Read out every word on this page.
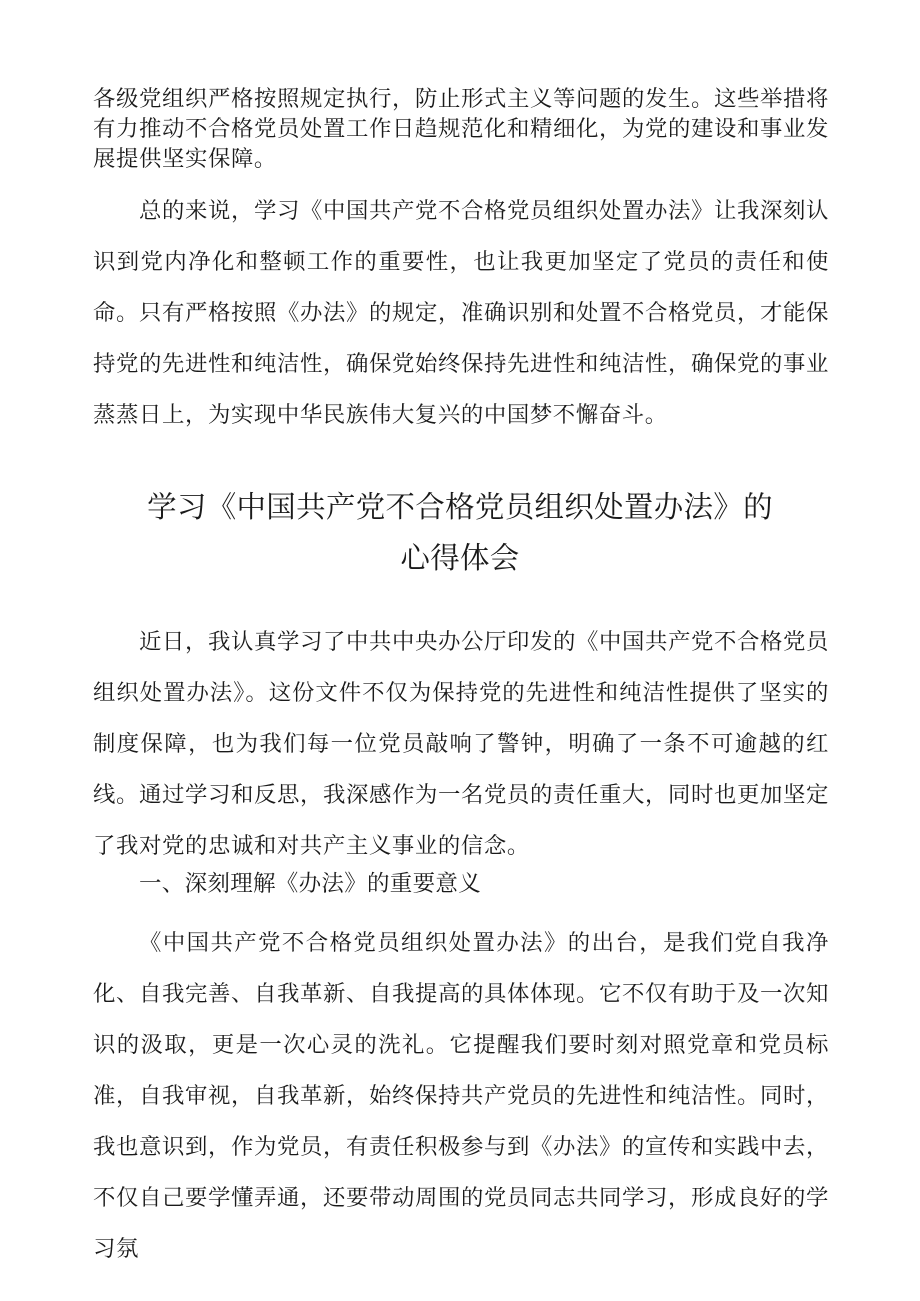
各级党组织严格按照规定执行，防止形式主义等问题的发生。这些举措将有力推动不合格党员处置工作日趋规范化和精细化，为党的建设和事业发展提供坚实保障。

总的来说，学习《中国共产党不合格党员组织处置办法》让我深刻认识到党内净化和整顿工作的重要性，也让我更加坚定了党员的责任和使命。只有严格按照《办法》的规定，准确识别和处置不合格党员，才能保持党的先进性和纯洁性，确保党始终保持先进性和纯洁性，确保党的事业蒸蒸日上，为实现中华民族伟大复兴的中国梦不懈奋斗。

学习《中国共产党不合格党员组织处置办法》的
心得体会

近日，我认真学习了中共中央办公厅印发的《中国共产党不合格党员组织处置办法》。这份文件不仅为保持党的先进性和纯洁性提供了坚实的制度保障，也为我们每一位党员敲响了警钟，明确了一条不可逾越的红线。通过学习和反思，我深感作为一名党员的责任重大，同时也更加坚定了我对党的忠诚和对共产主义事业的信念。

一、深刻理解《办法》的重要意义

《中国共产党不合格党员组织处置办法》的出台，是我们党自我净化、自我完善、自我革新、自我提高的具体体现。它不仅有助于及一次知识的汲取，更是一次心灵的洗礼。它提醒我们要时刻对照党章和党员标准，自我审视，自我革新，始终保持共产党员的先进性和纯洁性。同时，我也意识到，作为党员，有责任积极参与到《办法》的宣传和实践中去，不仅自己要学懂弄通，还要带动周围的党员同志共同学习，形成良好的学习氛
